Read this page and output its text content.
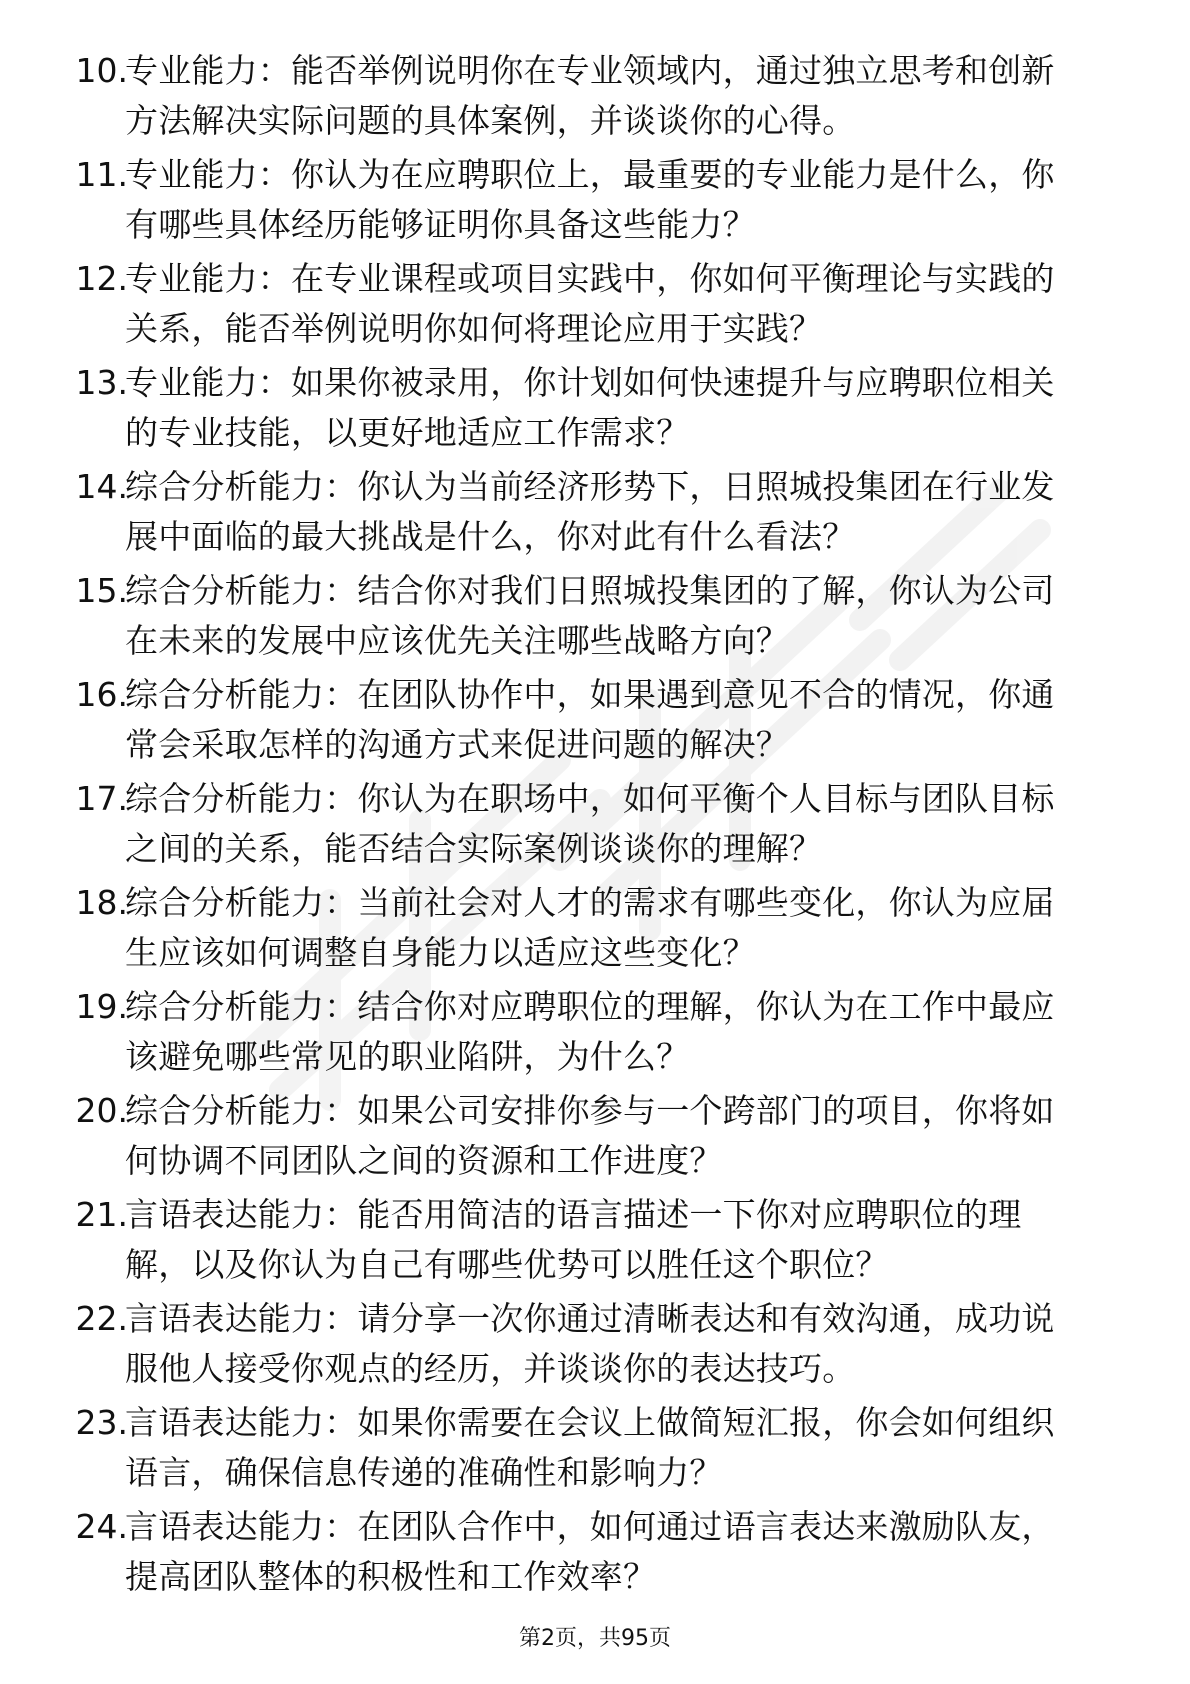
10.
专业能力：能否举例说明你在专业领域内，通过独立思考和创新
方法解决实际问题的具体案例，并谈谈你的心得。
11.
专业能力：你认为在应聘职位上，最重要的专业能力是什么，你
有哪些具体经历能够证明你具备这些能力？
12.
专业能力：在专业课程或项目实践中，你如何平衡理论与实践的
关系，能否举例说明你如何将理论应用于实践？
13.
专业能力：如果你被录用，你计划如何快速提升与应聘职位相关
的专业技能，以更好地适应工作需求？
14.
综合分析能力：你认为当前经济形势下，日照城投集团在行业发
展中面临的最大挑战是什么，你对此有什么看法？
15.
综合分析能力：结合你对我们日照城投集团的了解，你认为公司
在未来的发展中应该优先关注哪些战略方向？
16.
综合分析能力：在团队协作中，如果遇到意见不合的情况，你通
常会采取怎样的沟通方式来促进问题的解决？
17.
综合分析能力：你认为在职场中，如何平衡个人目标与团队目标
之间的关系，能否结合实际案例谈谈你的理解？
18.
综合分析能力：当前社会对人才的需求有哪些变化，你认为应届
生应该如何调整自身能力以适应这些变化？
19.
综合分析能力：结合你对应聘职位的理解，你认为在工作中最应
该避免哪些常见的职业陷阱，为什么？
20.
综合分析能力：如果公司安排你参与一个跨部门的项目，你将如
何协调不同团队之间的资源和工作进度？
21.
言语表达能力：能否用简洁的语言描述一下你对应聘职位的理
解，以及你认为自己有哪些优势可以胜任这个职位？
22.
言语表达能力：请分享一次你通过清晰表达和有效沟通，成功说
服他人接受你观点的经历，并谈谈你的表达技巧。
23.
言语表达能力：如果你需要在会议上做简短汇报，你会如何组织
语言，确保信息传递的准确性和影响力？
24.
言语表达能力：在团队合作中，如何通过语言表达来激励队友，
提高团队整体的积极性和工作效率？
第2页，共95页
